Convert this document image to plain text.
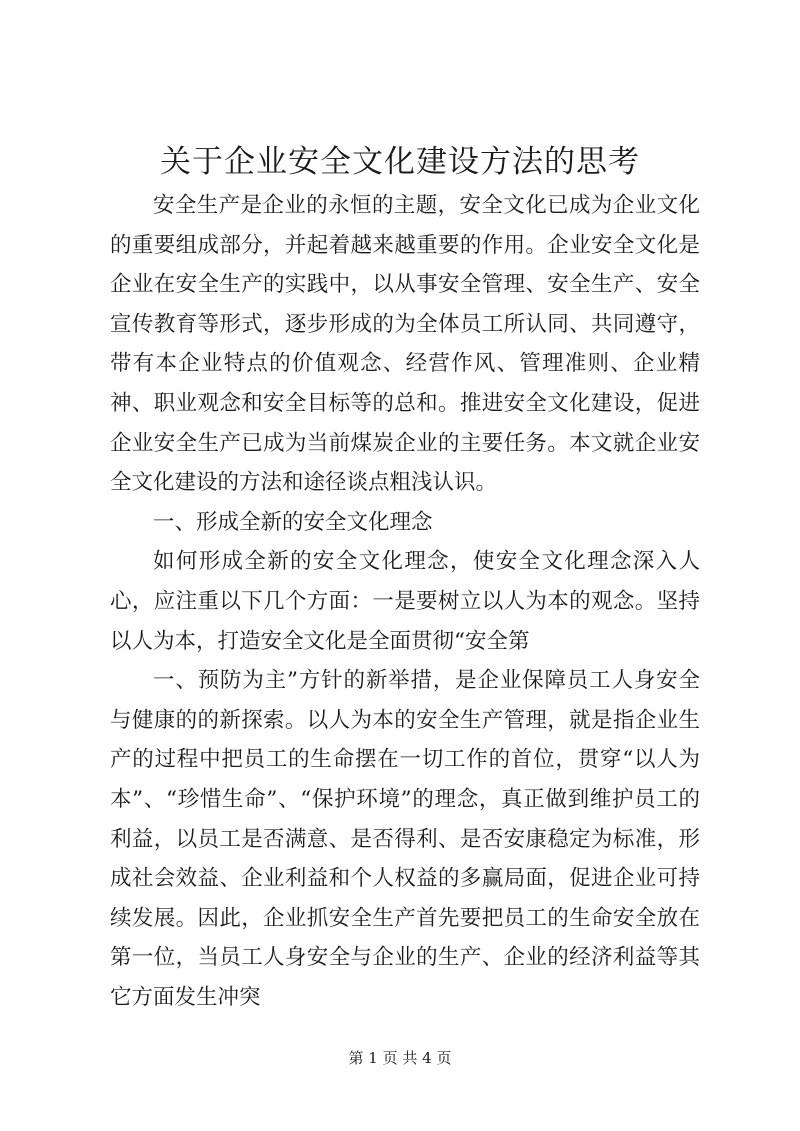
关于企业安全文化建设方法的思考

安全生产是企业的永恒的主题，安全文化已成为企业文化的重要组成部分，并起着越来越重要的作用。企业安全文化是企业在安全生产的实践中，以从事安全管理、安全生产、安全宣传教育等形式，逐步形成的为全体员工所认同、共同遵守，带有本企业特点的价值观念、经营作风、管理准则、企业精神、职业观念和安全目标等的总和。推进安全文化建设，促进企业安全生产已成为当前煤炭企业的主要任务。本文就企业安全文化建设的方法和途径谈点粗浅认识。

一、形成全新的安全文化理念

如何形成全新的安全文化理念，使安全文化理念深入人心，应注重以下几个方面：一是要树立以人为本的观念。坚持以人为本，打造安全文化是全面贯彻“安全第

一、预防为主”方针的新举措，是企业保障员工人身安全与健康的的新探索。以人为本的安全生产管理，就是指企业生产的过程中把员工的生命摆在一切工作的首位，贯穿“以人为本”、“珍惜生命”、“保护环境”的理念，真正做到维护员工的利益，以员工是否满意、是否得利、是否安康稳定为标准，形成社会效益、企业利益和个人权益的多赢局面，促进企业可持续发展。因此，企业抓安全生产首先要把员工的生命安全放在第一位，当员工人身安全与企业的生产、企业的经济利益等其它方面发生冲突

第 1 页 共 4 页
